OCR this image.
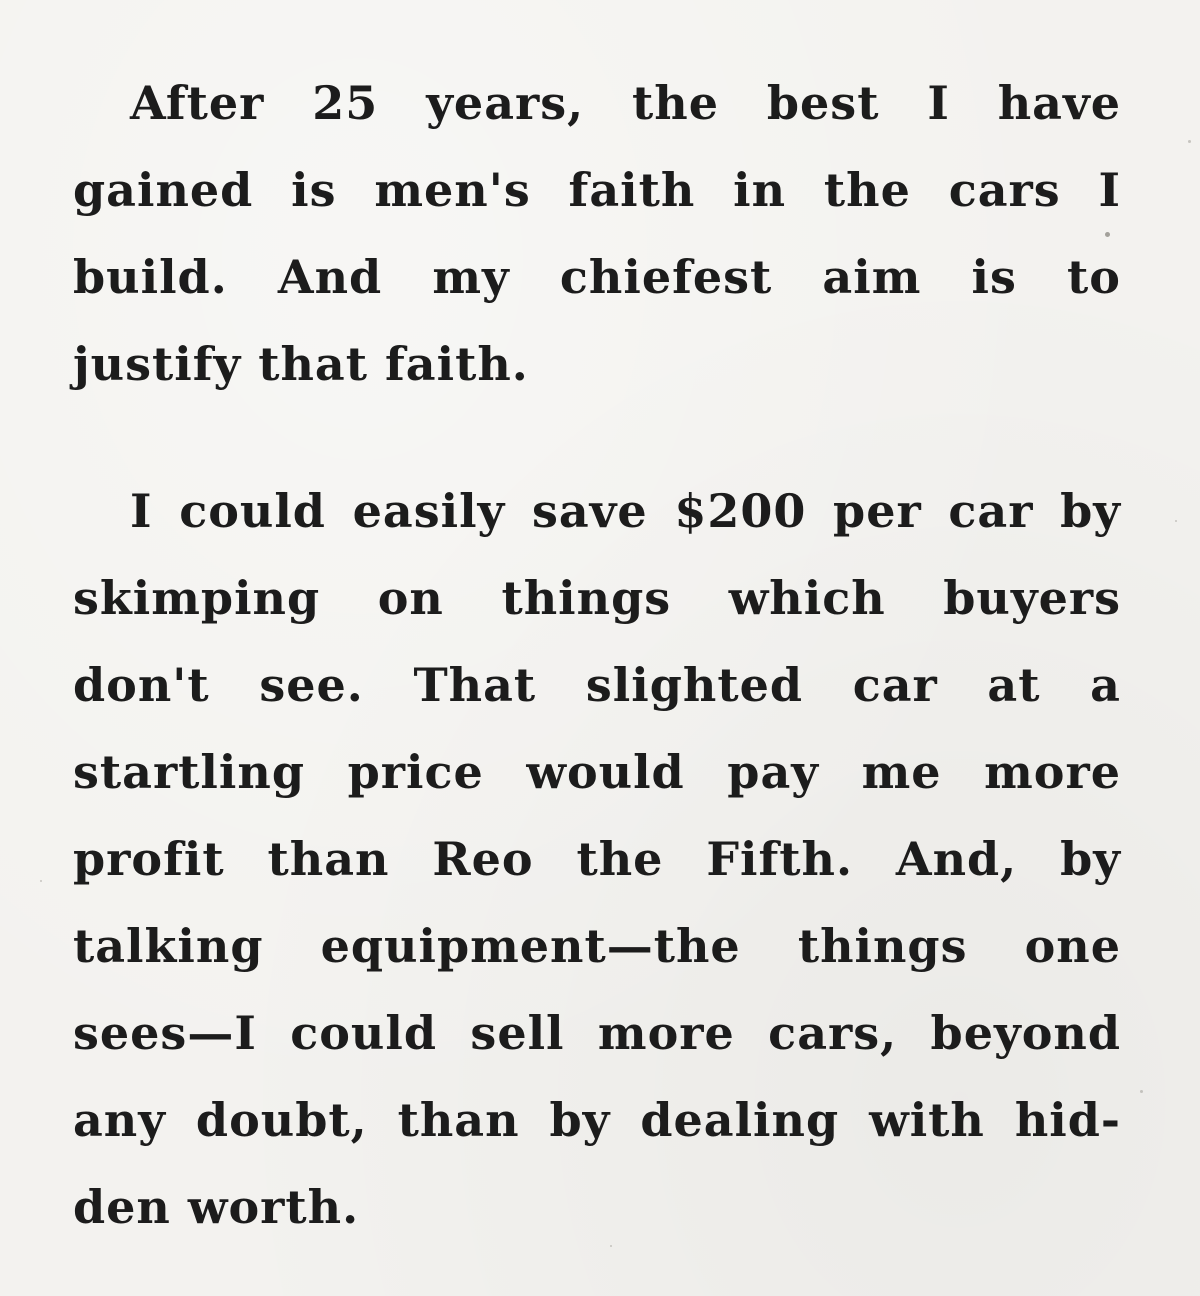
After 25 years, the best I have
gained is men's faith in the cars I
build. And my chiefest aim is to
justify that faith.

I could easily save $200 per car by
skimping on things which buyers
don't see. That slighted car at a
startling price would pay me more
profit than Reo the Fifth. And, by
talking equipment—the things one
sees—I could sell more cars, beyond
any doubt, than by dealing with hid-
den worth.
